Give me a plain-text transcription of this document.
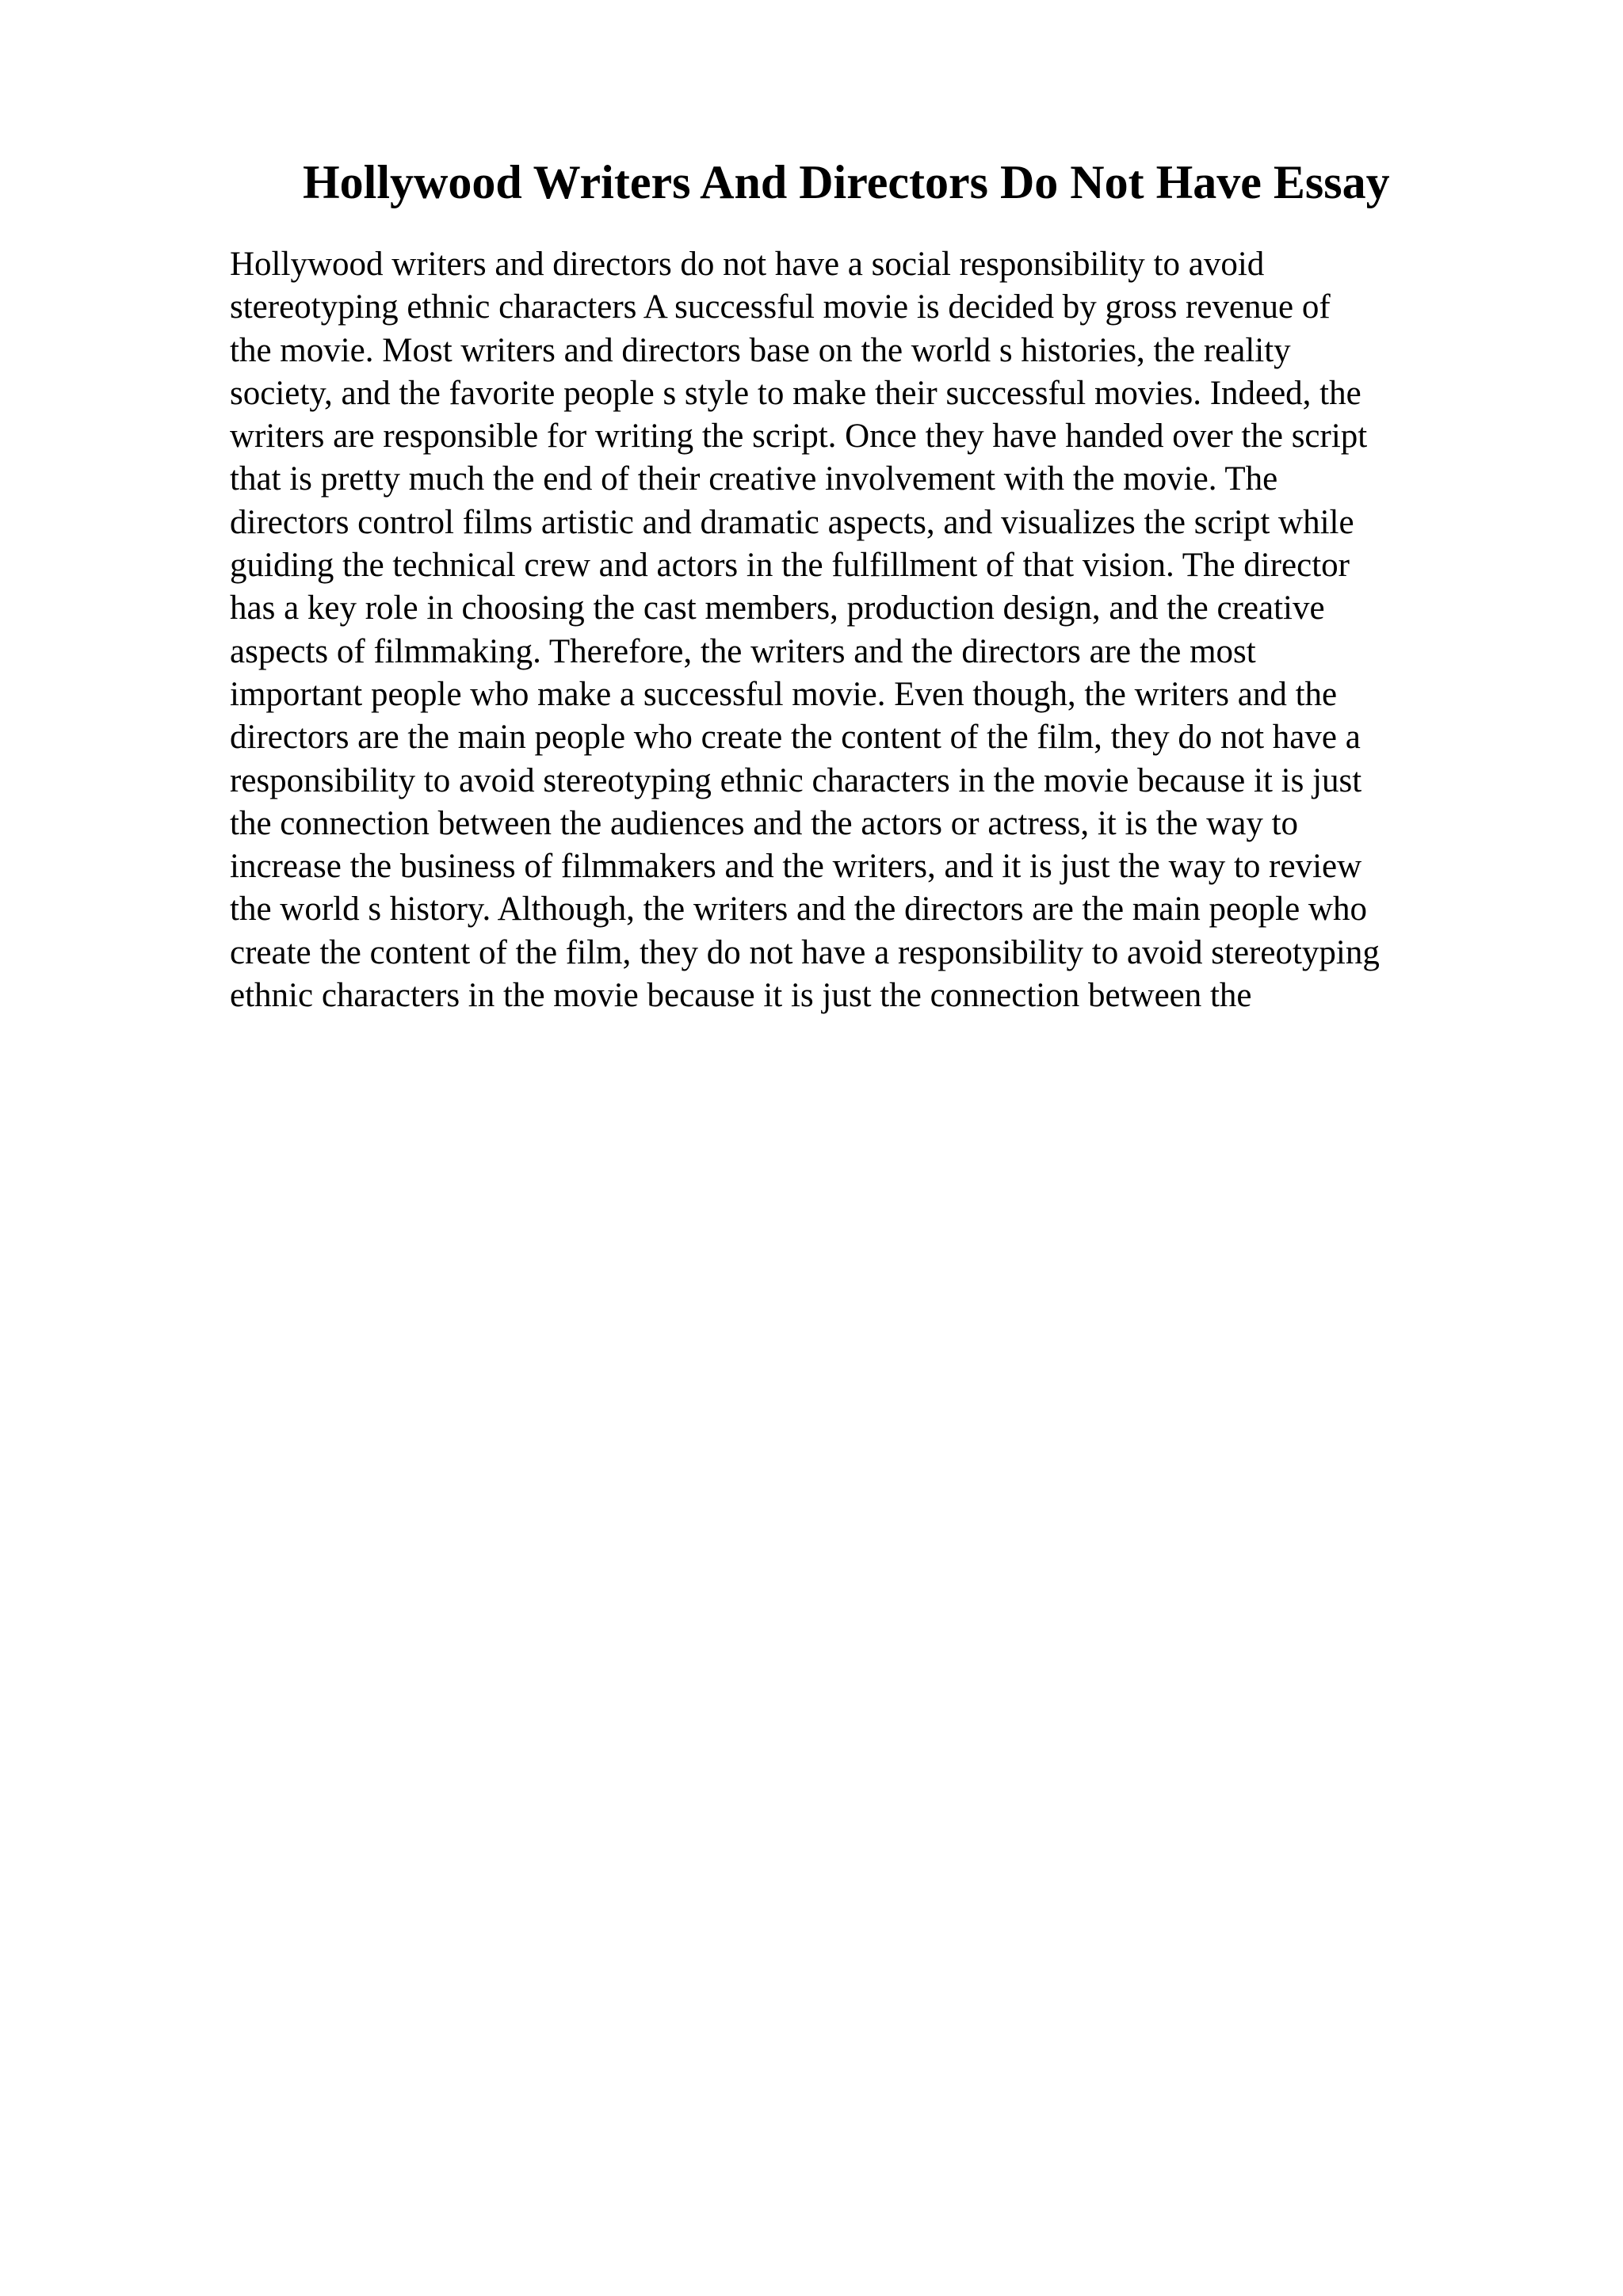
Hollywood Writers And Directors Do Not Have Essay
Hollywood writers and directors do not have a social responsibility to avoid
stereotyping ethnic characters A successful movie is decided by gross revenue of
the movie. Most writers and directors base on the world s histories, the reality
society, and the favorite people s style to make their successful movies. Indeed, the
writers are responsible for writing the script. Once they have handed over the script
that is pretty much the end of their creative involvement with the movie. The
directors control films artistic and dramatic aspects, and visualizes the script while
guiding the technical crew and actors in the fulfillment of that vision. The director
has a key role in choosing the cast members, production design, and the creative
aspects of filmmaking. Therefore, the writers and the directors are the most
important people who make a successful movie. Even though, the writers and the
directors are the main people who create the content of the film, they do not have a
responsibility to avoid stereotyping ethnic characters in the movie because it is just
the connection between the audiences and the actors or actress, it is the way to
increase the business of filmmakers and the writers, and it is just the way to review
the world s history. Although, the writers and the directors are the main people who
create the content of the film, they do not have a responsibility to avoid stereotyping
ethnic characters in the movie because it is just the connection between the
